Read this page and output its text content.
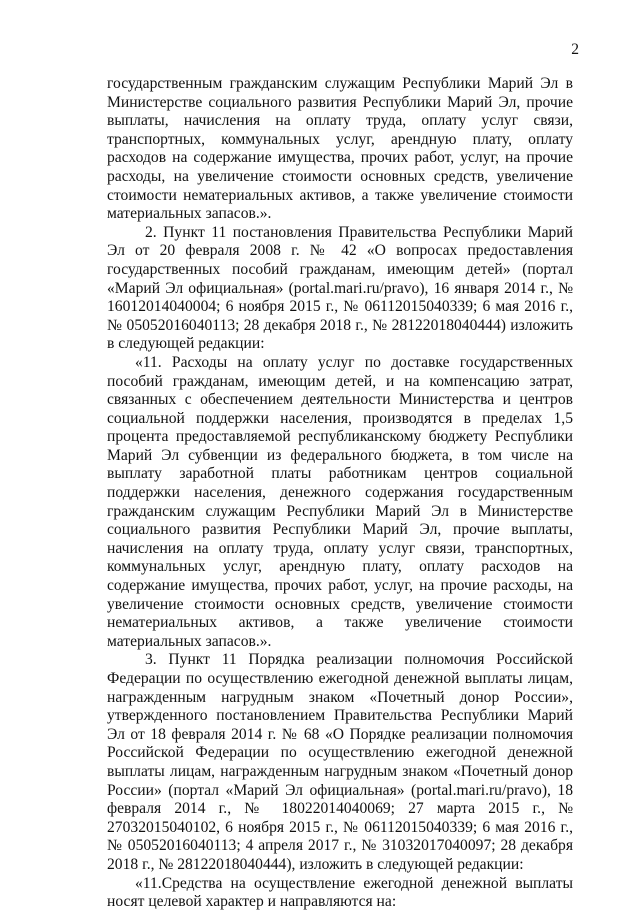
2

государственным гражданским служащим Республики Марий Эл в Министерстве социального развития Республики Марий Эл, прочие выплаты, начисления на оплату труда, оплату услуг связи, транспортных, коммунальных услуг, арендную плату, оплату расходов на содержание имущества, прочих работ, услуг, на прочие расходы, на увеличение стоимости основных средств, увеличение стоимости нематериальных активов, а также увеличение стоимости материальных запасов.».

2. Пункт 11 постановления Правительства Республики Марий Эл от 20 февраля 2008 г. № 42 «О вопросах предоставления государственных пособий гражданам, имеющим детей» (портал «Марий Эл официальная» (portal.mari.ru/pravo), 16 января 2014 г., № 16012014040004; 6 ноября 2015 г., № 06112015040339; 6 мая 2016 г., № 05052016040113; 28 декабря 2018 г., № 28122018040444) изложить в следующей редакции:

«11. Расходы на оплату услуг по доставке государственных пособий гражданам, имеющим детей, и на компенсацию затрат, связанных с обеспечением деятельности Министерства и центров социальной поддержки населения, производятся в пределах 1,5 процента предоставляемой республиканскому бюджету Республики Марий Эл субвенции из федерального бюджета, в том числе на выплату заработной платы работникам центров социальной поддержки населения, денежного содержания государственным гражданским служащим Республики Марий Эл в Министерстве социального развития Республики Марий Эл, прочие выплаты, начисления на оплату труда, оплату услуг связи, транспортных, коммунальных услуг, арендную плату, оплату расходов на содержание имущества, прочих работ, услуг, на прочие расходы, на увеличение стоимости основных средств, увеличение стоимости нематериальных активов, а также увеличение стоимости материальных запасов.».

3. Пункт 11 Порядка реализации полномочия Российской Федерации по осуществлению ежегодной денежной выплаты лицам, награжденным нагрудным знаком «Почетный донор России», утвержденного постановлением Правительства Республики Марий Эл от 18 февраля 2014 г. № 68 «О Порядке реализации полномочия Российской Федерации по осуществлению ежегодной денежной выплаты лицам, награжденным нагрудным знаком «Почетный донор России» (портал «Марий Эл официальная» (portal.mari.ru/pravo), 18 февраля 2014 г., № 18022014040069; 27 марта 2015 г., № 27032015040102, 6 ноября 2015 г., № 06112015040339; 6 мая 2016 г., № 05052016040113; 4 апреля 2017 г., № 31032017040097; 28 декабря 2018 г., № 28122018040444), изложить в следующей редакции:

«11.Средства на осуществление ежегодной денежной выплаты носят целевой характер и направляются на:
